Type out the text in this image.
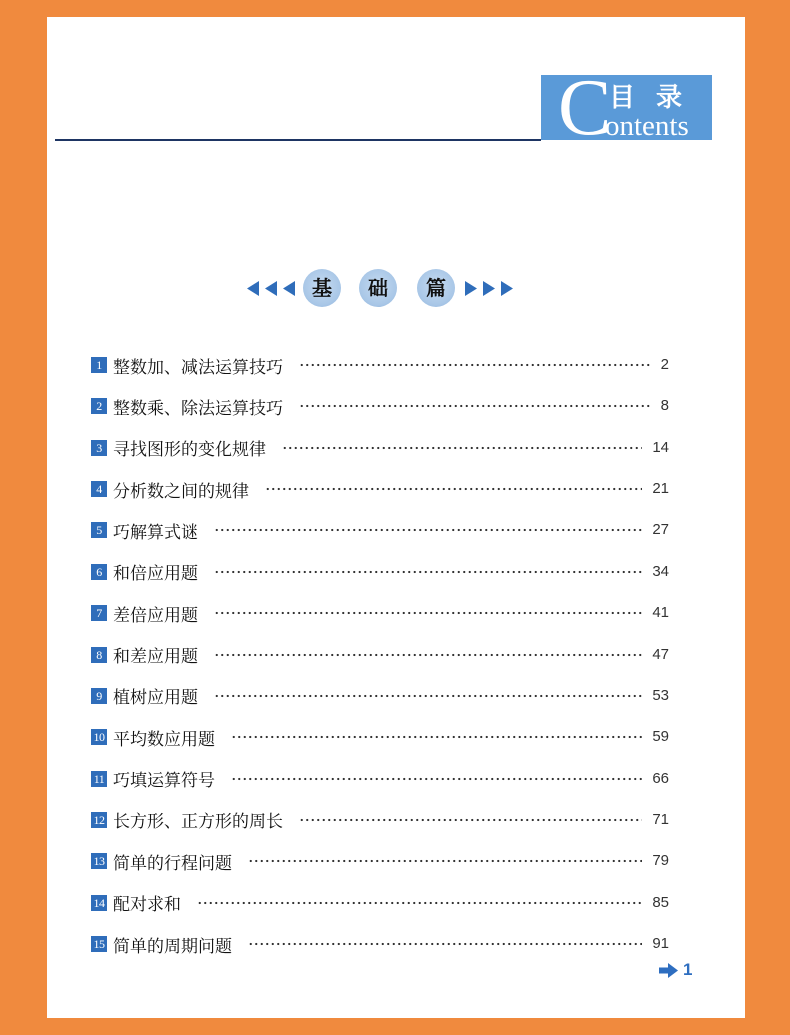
C
目录
ontents
基 础 篇
1 整数加、减法运算技巧	2
2 整数乘、除法运算技巧	8
3 寻找图形的变化规律	14
4 分析数之间的规律	21
5 巧解算式谜	27
6 和倍应用题	34
7 差倍应用题	41
8 和差应用题	47
9 植树应用题	53
10 平均数应用题	59
11 巧填运算符号	66
12 长方形、正方形的周长	71
13 简单的行程问题	79
14 配对求和	85
15 简单的周期问题	91
1
